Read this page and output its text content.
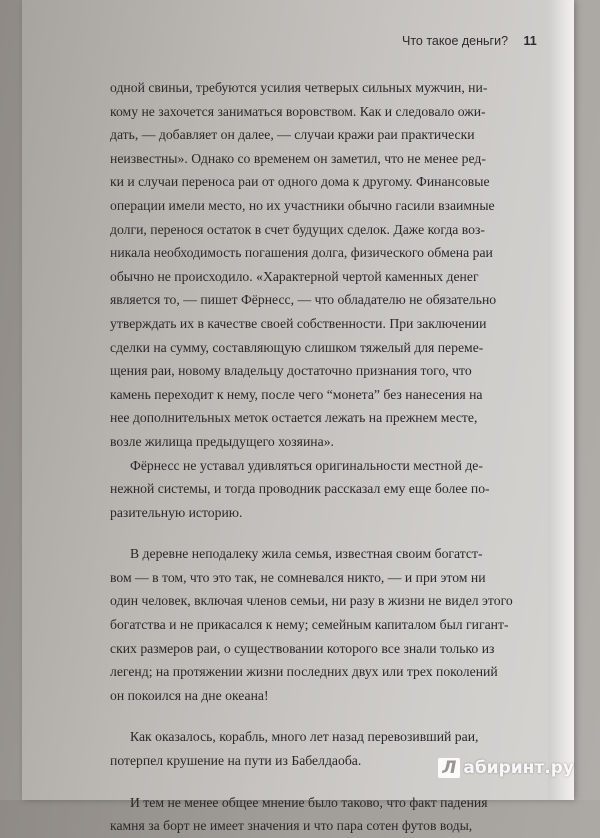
Что такое деньги? 11
одной свиньи, требуются усилия четверых сильных мужчин, ни-
кому не захочется заниматься воровством. Как и следовало ожи-
дать, — добавляет он далее, — случаи кражи раи практически
неизвестны». Однако со временем он заметил, что не менее ред-
ки и случаи переноса раи от одного дома к другому. Финансовые
операции имели место, но их участники обычно гасили взаимные
долги, перенося остаток в счет будущих сделок. Даже когда воз-
никала необходимость погашения долга, физического обмена раи
обычно не происходило. «Характерной чертой каменных денег
является то, — пишет Фёрнесс, — что обладателю не обязательно
утверждать их в качестве своей собственности. При заключении
сделки на сумму, составляющую слишком тяжелый для переме-
щения раи, новому владельцу достаточно признания того, что
камень переходит к нему, после чего “монета” без нанесения на
нее дополнительных меток остается лежать на прежнем месте,
возле жилища предыдущего хозяина».
Фёрнесс не уставал удивляться оригинальности местной де-
нежной системы, и тогда проводник рассказал ему еще более по-
разительную историю.
В деревне неподалеку жила семья, известная своим богатст-
вом — в том, что это так, не сомневался никто, — и при этом ни
один человек, включая членов семьи, ни разу в жизни не видел этого
богатства и не прикасался к нему; семейным капиталом был гигант-
ских размеров раи, о существовании которого все знали только из
легенд; на протяжении жизни последних двух или трех поколений
он покоился на дне океана!
Как оказалось, корабль, много лет назад перевозивший раи,
потерпел крушение на пути из Бабелдаоба.
И тем не менее общее мнение было таково, что факт падения
камня за борт не имеет значения и что пара сотен футов воды,
Л абиринт.ру
